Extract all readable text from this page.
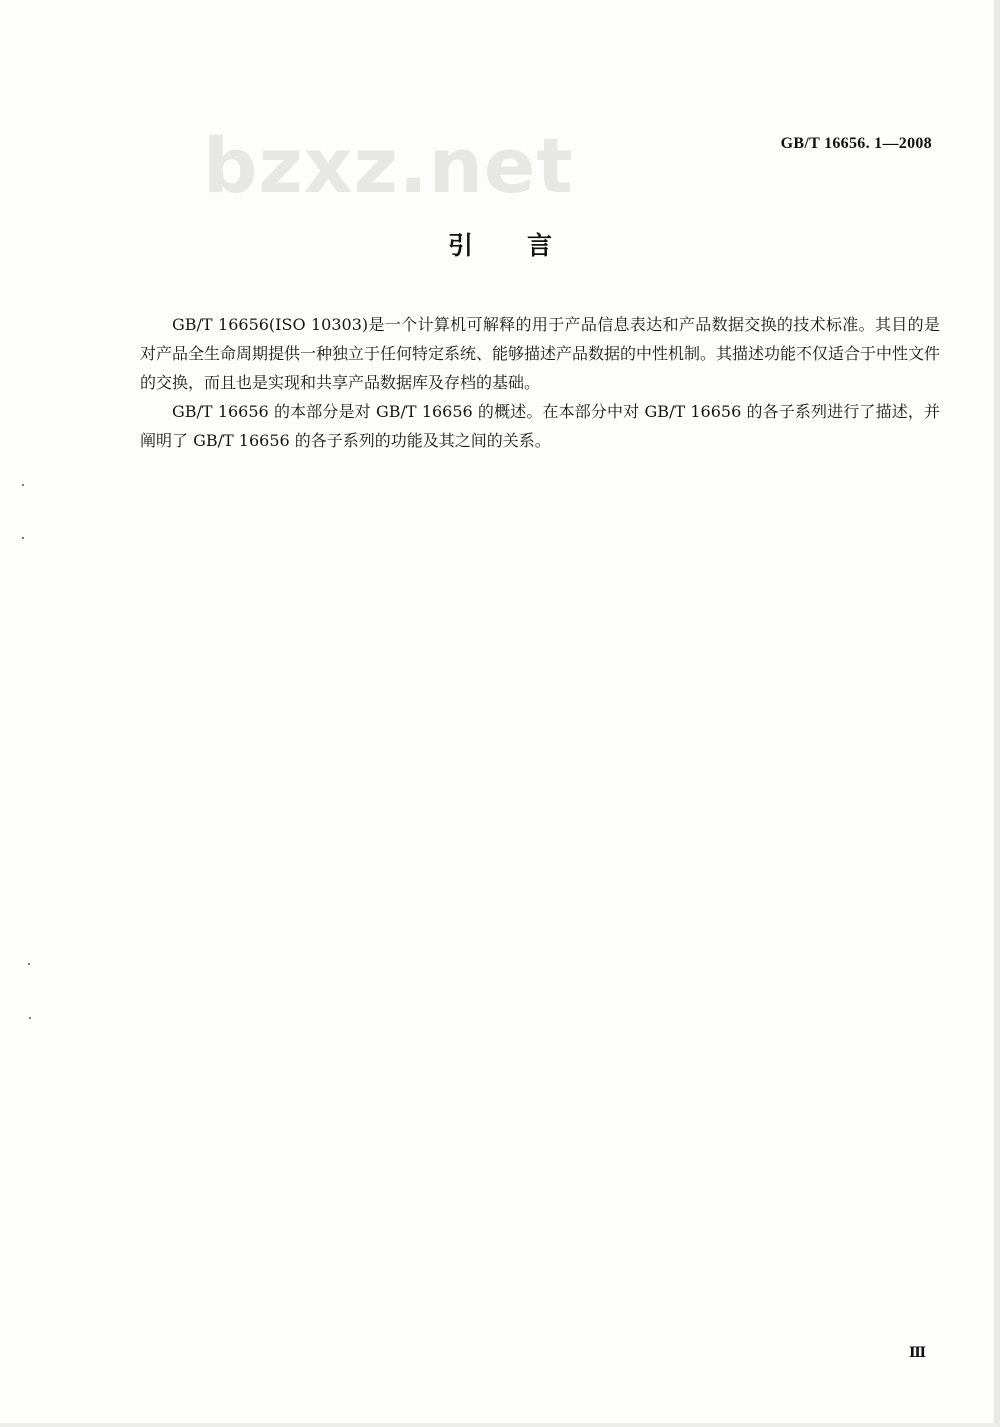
bzxz.net	GB/T 16656. 1—2008
引 言

GB/T 16656(ISO 10303)是一个计算机可解释的用于产品信息表达和产品数据交换的技术标准。其目的是对产品全生命周期提供一种独立于任何特定系统、能够描述产品数据的中性机制。其描述功能不仅适合于中性文件的交换，而且也是实现和共享产品数据库及存档的基础。

GB/T 16656 的本部分是对 GB/T 16656 的概述。在本部分中对 GB/T 16656 的各子系列进行了描述，并阐明了 GB/T 16656 的各子系列的功能及其之间的关系。

Ⅲ
